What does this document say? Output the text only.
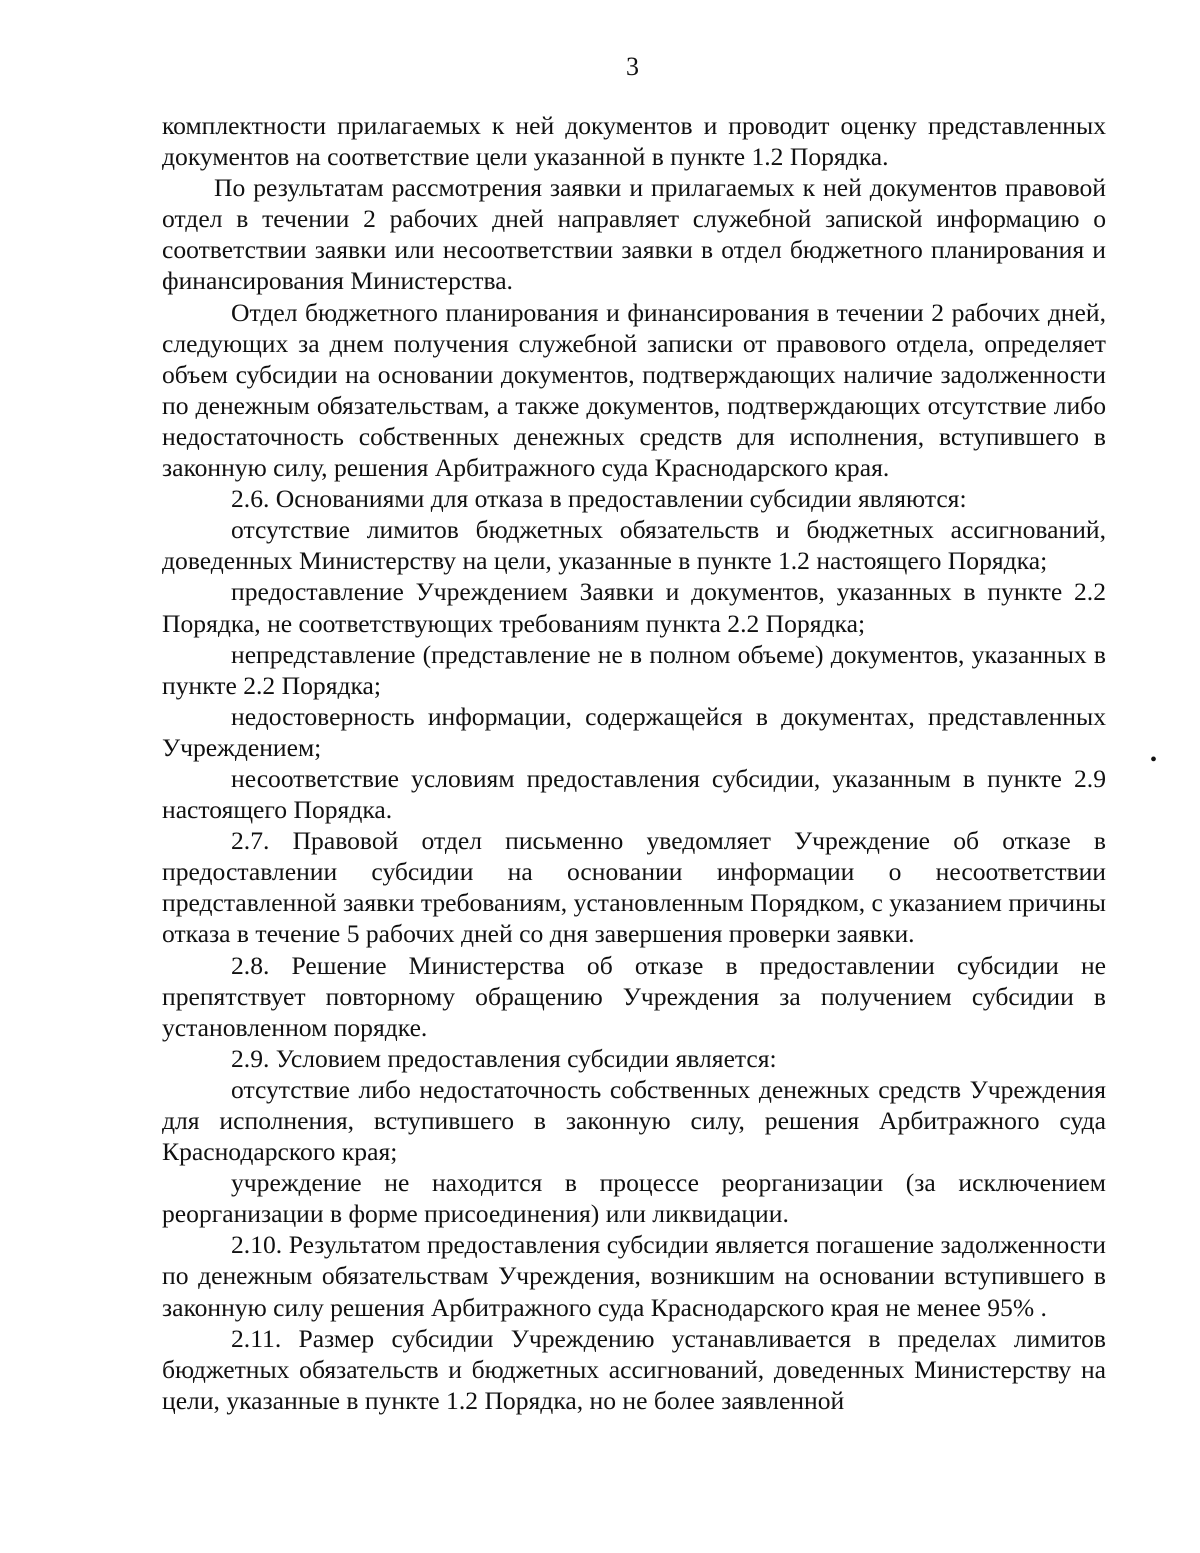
3

комплектности прилагаемых к ней документов и проводит оценку представленных документов на соответствие цели указанной в пункте 1.2 Порядка.

По результатам рассмотрения заявки и прилагаемых к ней документов правовой отдел в течении 2 рабочих дней направляет служебной запиской информацию о соответствии заявки или несоответствии заявки в отдел бюджетного планирования и финансирования Министерства.

Отдел бюджетного планирования и финансирования в течении 2 рабочих дней, следующих за днем получения служебной записки от правового отдела, определяет объем субсидии на основании документов, подтверждающих наличие задолженности по денежным обязательствам, а также документов, подтверждающих отсутствие либо недостаточность собственных денежных средств для исполнения, вступившего в законную силу, решения Арбитражного суда Краснодарского края.

2.6. Основаниями для отказа в предоставлении субсидии являются:

отсутствие лимитов бюджетных обязательств и бюджетных ассигнований, доведенных Министерству на цели, указанные в пункте 1.2 настоящего Порядка;

предоставление Учреждением Заявки и документов, указанных в пункте 2.2 Порядка, не соответствующих требованиям пункта 2.2 Порядка;

непредставление (представление не в полном объеме) документов, указанных в пункте 2.2 Порядка;

недостоверность информации, содержащейся в документах, представленных Учреждением;

несоответствие условиям предоставления субсидии, указанным в пункте 2.9 настоящего Порядка.

2.7. Правовой отдел письменно уведомляет Учреждение об отказе в предоставлении субсидии на основании информации о несоответствии представленной заявки требованиям, установленным Порядком, с указанием причины отказа в течение 5 рабочих дней со дня завершения проверки заявки.

2.8. Решение Министерства об отказе в предоставлении субсидии не препятствует повторному обращению Учреждения за получением субсидии в установленном порядке.

2.9. Условием предоставления субсидии является:

отсутствие либо недостаточность собственных денежных средств Учреждения для исполнения, вступившего в законную силу, решения Арбитражного суда Краснодарского края;

учреждение не находится в процессе реорганизации (за исключением реорганизации в форме присоединения) или ликвидации.

2.10. Результатом предоставления субсидии является погашение задолженности по денежным обязательствам Учреждения, возникшим на основании вступившего в законную силу решения Арбитражного суда Краснодарского края не менее 95% .

2.11. Размер субсидии Учреждению устанавливается в пределах лимитов бюджетных обязательств и бюджетных ассигнований, доведенных Министерству на цели, указанные в пункте 1.2 Порядка, но не более заявленной

•
